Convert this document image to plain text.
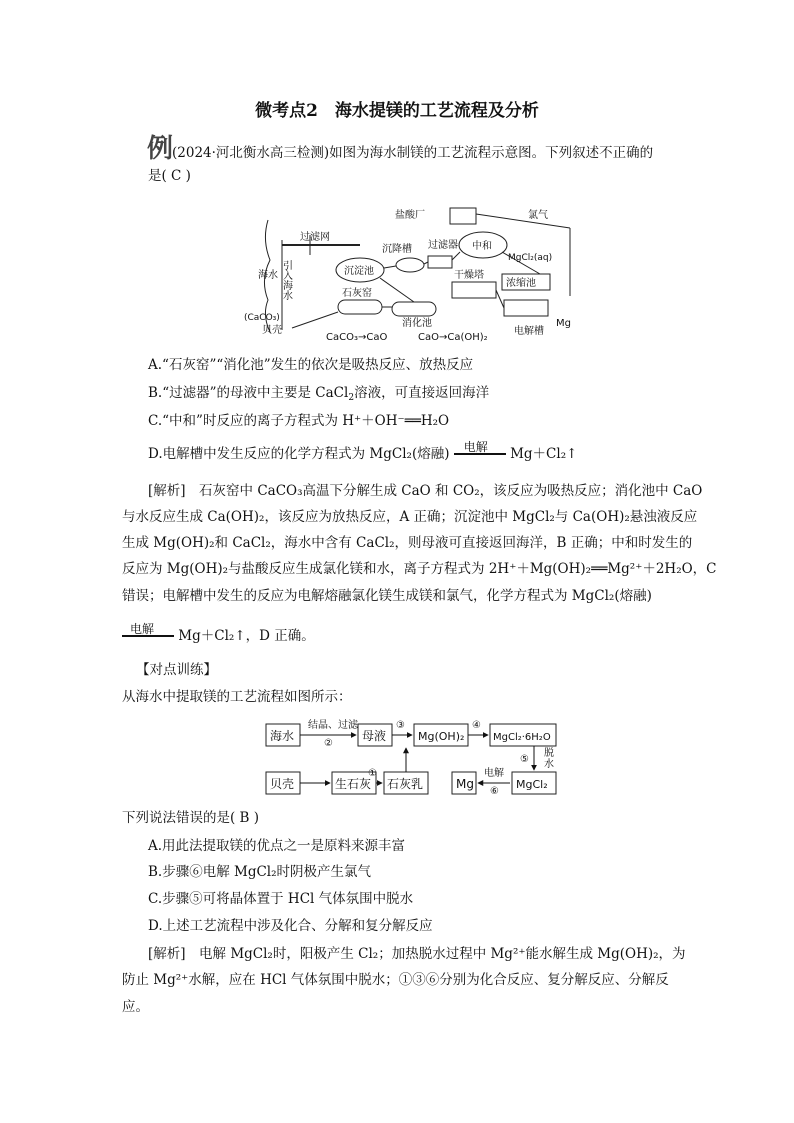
微考点2　海水提镁的工艺流程及分析
例
(2024·河北衡水高三检测)如图为海水制镁的工艺流程示意图。下列叙述不正确的
是( C )
海水 引入海水
过滤网
沉淀池
沉降槽 过滤器 中和
盐酸厂	氯气
MgCl₂(aq)
干燥塔
浓缩池
电解槽
Mg
石灰窑
消化池
(CaCO₃)
贝壳
CaCO₃→CaO	CaO→Ca(OH)₂
A.“石灰窑”“消化池”发生的依次是吸热反应、放热反应
B.“过滤器”的母液中主要是 CaCl$_2$溶液，可直接返回海洋
C.“中和”时反应的离子方程式为 H⁺＋OH⁻══H₂O
D.电解槽中发生反应的化学方程式为 MgCl₂(熔融) 电解 Mg＋Cl₂↑
[解析]　石灰窑中 CaCO₃高温下分解生成 CaO 和 CO₂，该反应为吸热反应；消化池中 CaO
与水反应生成 Ca(OH)₂，该反应为放热反应，A 正确；沉淀池中 MgCl₂与 Ca(OH)₂悬浊液反应
生成 Mg(OH)₂和 CaCl₂，海水中含有 CaCl₂，则母液可直接返回海洋，B 正确；中和时发生的
反应为 Mg(OH)₂与盐酸反应生成氯化镁和水，离子方程式为 2H⁺＋Mg(OH)₂══Mg²⁺＋2H₂O，C
错误；电解槽中发生的反应为电解熔融氯化镁生成镁和氯气，化学方程式为 MgCl₂(熔融)
电解 Mg＋Cl₂↑，D 正确。
【对点训练】
从海水中提取镁的工艺流程如图所示：
海水
结晶、过滤
②
母液
③
Mg(OH)₂
④
MgCl₂·6H₂O
脱
水
⑤
贝壳	生石灰
①
石灰乳	Mg
电解
⑥
MgCl₂
下列说法错误的是( B )
A.用此法提取镁的优点之一是原料来源丰富
B.步骤⑥电解 MgCl₂时阴极产生氯气
C.步骤⑤可将晶体置于 HCl 气体氛围中脱水
D.上述工艺流程中涉及化合、分解和复分解反应
[解析]　电解 MgCl₂时，阳极产生 Cl₂；加热脱水过程中 Mg²⁺能水解生成 Mg(OH)₂，为
防止 Mg²⁺水解，应在 HCl 气体氛围中脱水；①③⑥分别为化合反应、复分解反应、分解反
应。
